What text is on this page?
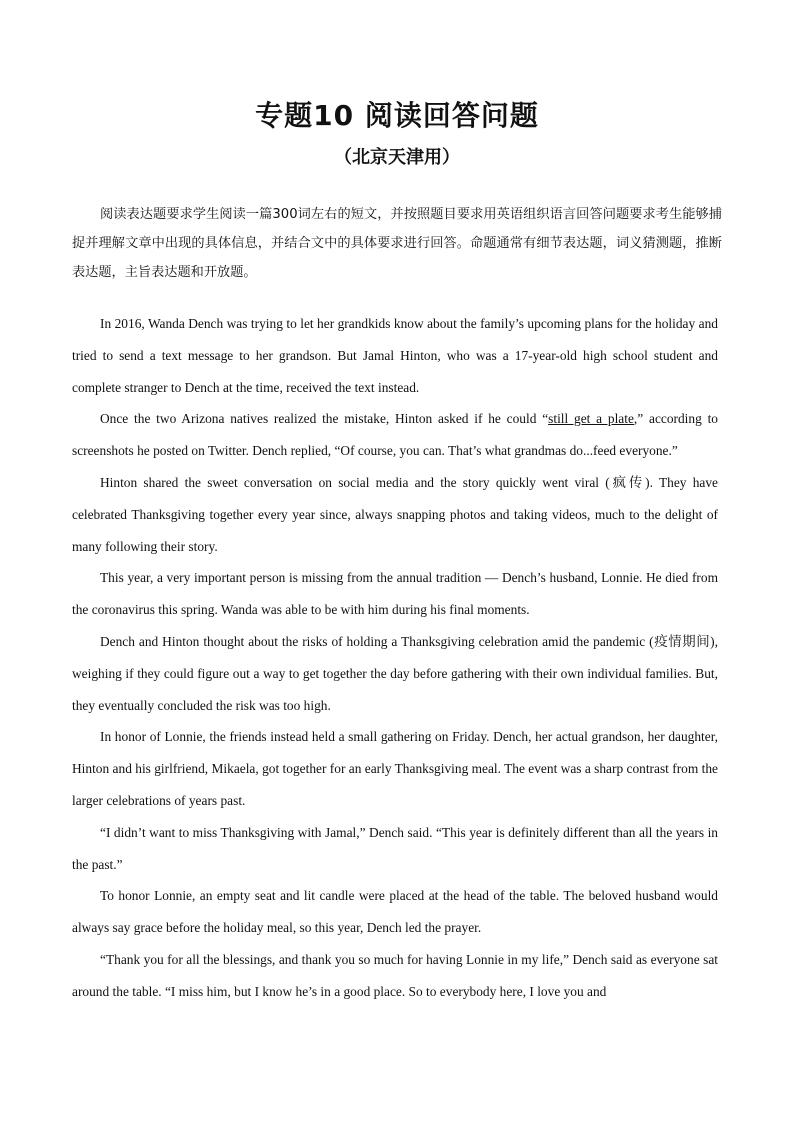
专题10 阅读回答问题
（北京天津用）

阅读表达题要求学生阅读一篇300词左右的短文，并按照题目要求用英语组织语言回答问题要求考生能够捕捉并理解文章中出现的具体信息，并结合文中的具体要求进行回答。命题通常有细节表达题，词义猜测题，推断表达题，主旨表达题和开放题。

In 2016, Wanda Dench was trying to let her grandkids know about the family’s upcoming plans for the holiday and tried to send a text message to her grandson. But Jamal Hinton, who was a 17-year-old high school student and complete stranger to Dench at the time, received the text instead.

Once the two Arizona natives realized the mistake, Hinton asked if he could “still get a plate,” according to screenshots he posted on Twitter. Dench replied, “Of course, you can. That’s what grandmas do...feed everyone.”

Hinton shared the sweet conversation on social media and the story quickly went viral (疯传). They have celebrated Thanksgiving together every year since, always snapping photos and taking videos, much to the delight of many following their story.

This year, a very important person is missing from the annual tradition — Dench’s husband, Lonnie. He died from the coronavirus this spring. Wanda was able to be with him during his final moments.

Dench and Hinton thought about the risks of holding a Thanksgiving celebration amid the pandemic (疫情期间), weighing if they could figure out a way to get together the day before gathering with their own individual families. But, they eventually concluded the risk was too high.

In honor of Lonnie, the friends instead held a small gathering on Friday. Dench, her actual grandson, her daughter, Hinton and his girlfriend, Mikaela, got together for an early Thanksgiving meal. The event was a sharp contrast from the larger celebrations of years past.

“I didn’t want to miss Thanksgiving with Jamal,” Dench said. “This year is definitely different than all the years in the past.”

To honor Lonnie, an empty seat and lit candle were placed at the head of the table. The beloved husband would always say grace before the holiday meal, so this year, Dench led the prayer.

“Thank you for all the blessings, and thank you so much for having Lonnie in my life,” Dench said as everyone sat around the table. “I miss him, but I know he’s in a good place. So to everybody here, I love you and
